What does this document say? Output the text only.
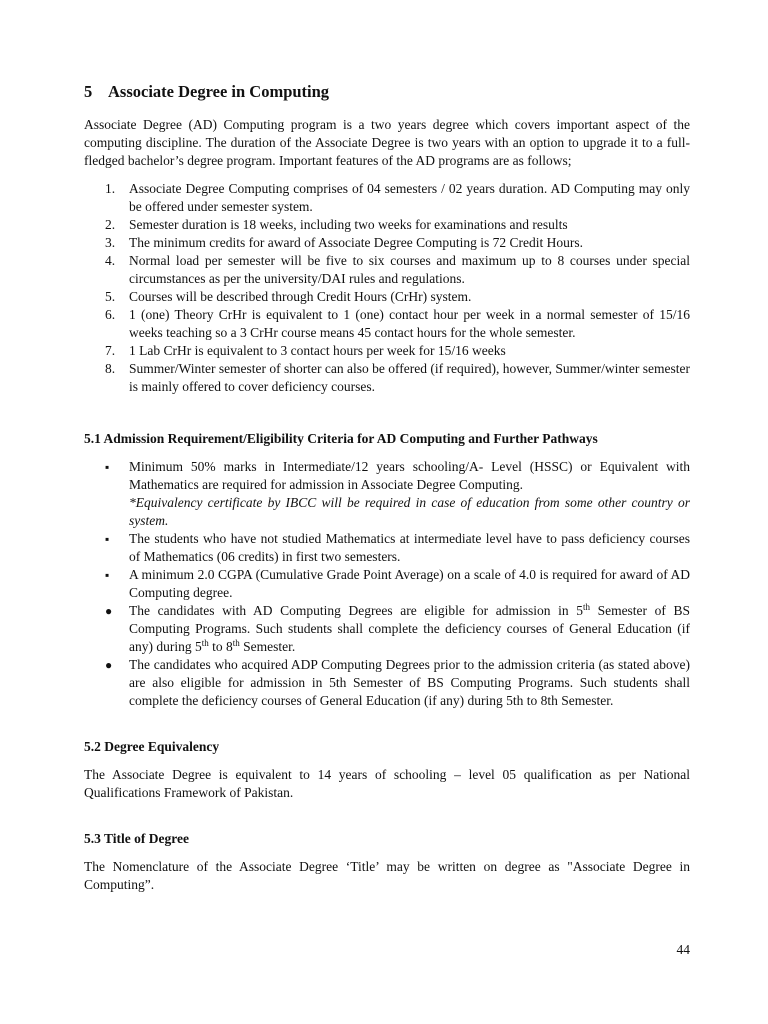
5 Associate Degree in Computing

Associate Degree (AD) Computing program is a two years degree which covers important aspect of the computing discipline. The duration of the Associate Degree is two years with an option to upgrade it to a full-fledged bachelor’s degree program. Important features of the AD programs are as follows;

1. Associate Degree Computing comprises of 04 semesters / 02 years duration. AD Computing may only be offered under semester system.
2. Semester duration is 18 weeks, including two weeks for examinations and results
3. The minimum credits for award of Associate Degree Computing is 72 Credit Hours.
4. Normal load per semester will be five to six courses and maximum up to 8 courses under special circumstances as per the university/DAI rules and regulations.
5. Courses will be described through Credit Hours (CrHr) system.
6. 1 (one) Theory CrHr is equivalent to 1 (one) contact hour per week in a normal semester of 15/16 weeks teaching so a 3 CrHr course means 45 contact hours for the whole semester.
7. 1 Lab CrHr is equivalent to 3 contact hours per week for 15/16 weeks
8. Summer/Winter semester of shorter can also be offered (if required), however, Summer/winter semester is mainly offered to cover deficiency courses.
5.1 Admission Requirement/Eligibility Criteria for AD Computing and Further Pathways
▪ Minimum 50% marks in Intermediate/12 years schooling/A- Level (HSSC) or Equivalent with Mathematics are required for admission in Associate Degree Computing.
*Equivalency certificate by IBCC will be required in case of education from some other country or system.
▪ The students who have not studied Mathematics at intermediate level have to pass deficiency courses of Mathematics (06 credits) in first two semesters.
▪ A minimum 2.0 CGPA (Cumulative Grade Point Average) on a scale of 4.0 is required for award of AD Computing degree.
● The candidates with AD Computing Degrees are eligible for admission in 5th Semester of BS Computing Programs. Such students shall complete the deficiency courses of General Education (if any) during 5th to 8th Semester.
● The candidates who acquired ADP Computing Degrees prior to the admission criteria (as stated above) are also eligible for admission in 5th Semester of BS Computing Programs. Such students shall complete the deficiency courses of General Education (if any) during 5th to 8th Semester.
5.2 Degree Equivalency

The Associate Degree is equivalent to 14 years of schooling – level 05 qualification as per National Qualifications Framework of Pakistan.

5.3 Title of Degree

The Nomenclature of the Associate Degree ‘Title’ may be written on degree as "Associate Degree in Computing”.

44
